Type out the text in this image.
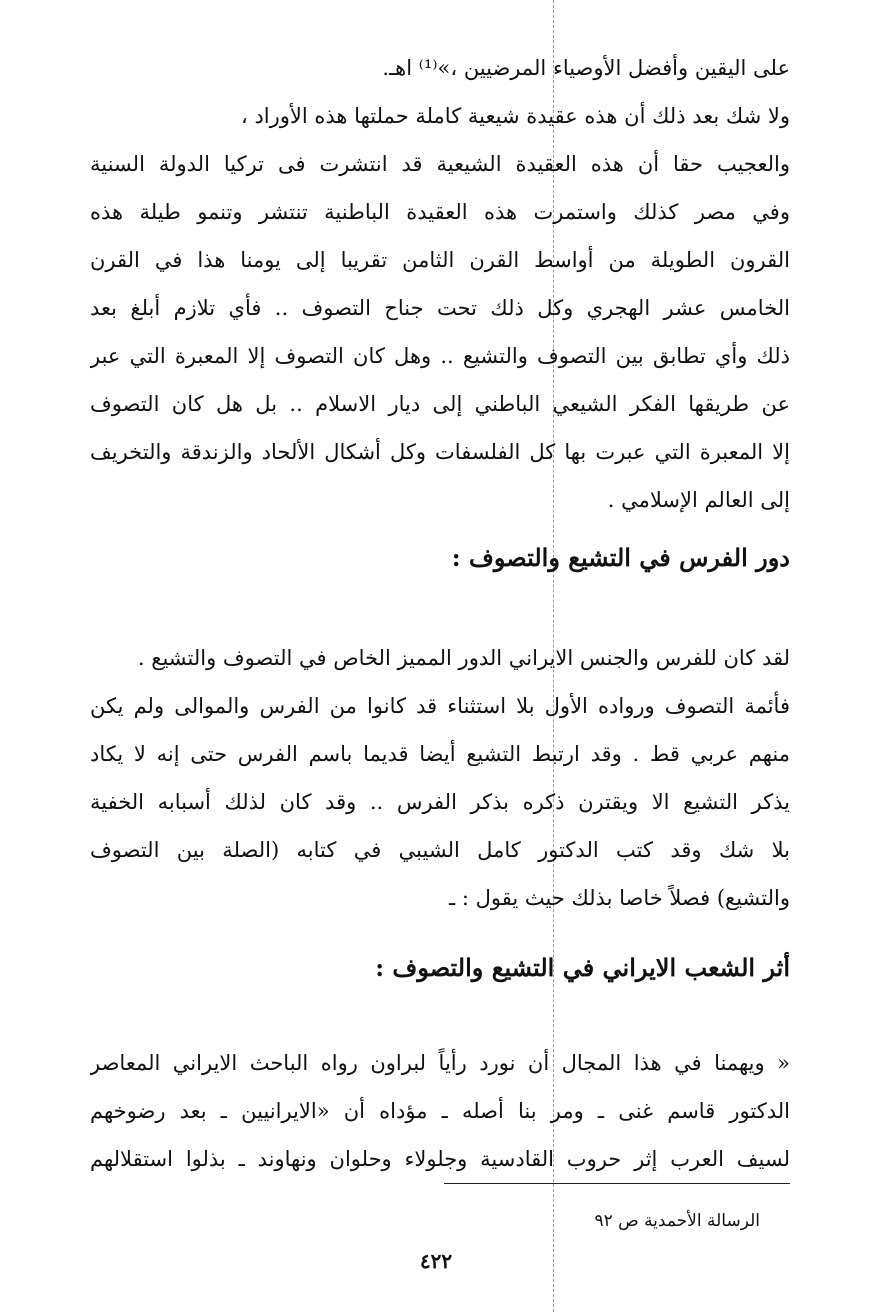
على اليقين وأفضل الأوصياء المرضيين ،»⁽¹⁾ اهـ.
ولا شك بعد ذلك أن هذه عقيدة شيعية كاملة حملتها هذه الأوراد ،
والعجيب حقا أن هذه العقيدة الشيعية قد انتشرت فى تركيا الدولة السنية
وفي مصر كذلك واستمرت هذه العقيدة الباطنية تنتشر وتنمو طيلة هذه
القرون الطويلة من أواسط القرن الثامن تقريبا إلى يومنا هذا في القرن
الخامس عشر الهجري وكل ذلك تحت جناح التصوف .. فأي تلازم أبلغ بعد
ذلك وأي تطابق بين التصوف والتشيع .. وهل كان التصوف إلا المعبرة التي عبر
عن طريقها الفكر الشيعي الباطني إلى ديار الاسلام .. بل هل كان التصوف
إلا المعبرة التي عبرت بها كل الفلسفات وكل أشكال الألحاد والزندقة والتخريف
إلى العالم الإسلامي .
دور الفرس في التشيع والتصوف :
لقد كان للفرس والجنس الايراني الدور المميز الخاص في التصوف والتشيع .
فأئمة التصوف ورواده الأول بلا استثناء قد كانوا من الفرس والموالى ولم يكن
منهم عربي قط . وقد ارتبط التشيع أيضا قديما باسم الفرس حتى إنه لا يكاد
يذكر التشيع الا ويقترن ذكره بذكر الفرس .. وقد كان لذلك أسبابه الخفية
بلا شك وقد كتب الدكتور كامل الشيبي في كتابه (الصلة بين التصوف
والتشيع) فصلاً خاصا بذلك حيث يقول : ـ
أثر الشعب الايراني في التشيع والتصوف :
« ويهمنا في هذا المجال أن نورد رأياً لبراون رواه الباحث الايراني المعاصر
الدكتور قاسم غنى ـ ومر بنا أصله ـ مؤداه أن «الايرانيين ـ بعد رضوخهم
لسيف العرب إثر حروب القادسية وجلولاء وحلوان ونهاوند ـ بذلوا استقلالهم
الرسالة الأحمدية ص ٩٢
٤٢٢
